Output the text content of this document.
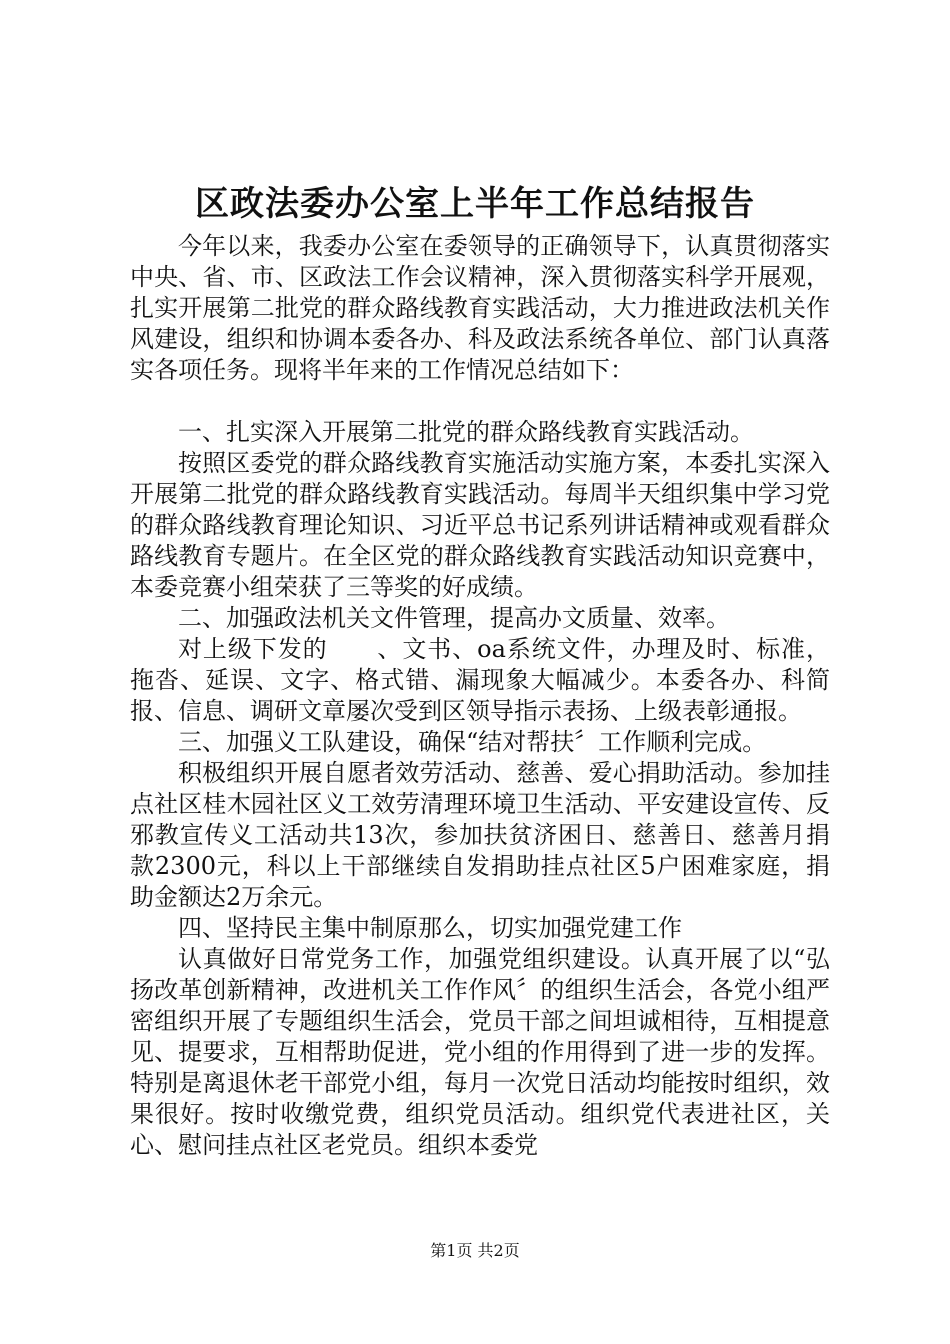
区政法委办公室上半年工作总结报告

今年以来，我委办公室在委领导的正确领导下，认真贯彻落实中央、省、市、区政法工作会议精神，深入贯彻落实科学开展观，扎实开展第二批党的群众路线教育实践活动，大力推进政法机关作风建设，组织和协调本委各办、科及政法系统各单位、部门认真落实各项任务。现将半年来的工作情况总结如下：

一、扎实深入开展第二批党的群众路线教育实践活动。

按照区委党的群众路线教育实施活动实施方案，本委扎实深入开展第二批党的群众路线教育实践活动。每周半天组织集中学习党的群众路线教育理论知识、习近平总书记系列讲话精神或观看群众路线教育专题片。在全区党的群众路线教育实践活动知识竞赛中，本委竞赛小组荣获了三等奖的好成绩。

二、加强政法机关文件管理，提高办文质量、效率。

对上级下发的　　、文书、oa系统文件，办理及时、标准，拖沓、延误、文字、格式错、漏现象大幅减少。本委各办、科简报、信息、调研文章屡次受到区领导指示表扬、上级表彰通报。

三、加强义工队建设，确保“结对帮扶〞工作顺利完成。

积极组织开展自愿者效劳活动、慈善、爱心捐助活动。参加挂点社区桂木园社区义工效劳清理环境卫生活动、平安建设宣传、反邪教宣传义工活动共13次，参加扶贫济困日、慈善日、慈善月捐款2300元，科以上干部继续自发捐助挂点社区5户困难家庭，捐助金额达2万余元。

四、坚持民主集中制原那么，切实加强党建工作

认真做好日常党务工作，加强党组织建设。认真开展了以“弘扬改革创新精神，改进机关工作作风〞的组织生活会，各党小组严密组织开展了专题组织生活会，党员干部之间坦诚相待，互相提意见、提要求，互相帮助促进，党小组的作用得到了进一步的发挥。特别是离退休老干部党小组，每月一次党日活动均能按时组织，效果很好。按时收缴党费，组织党员活动。组织党代表进社区，关心、慰问挂点社区老党员。组织本委党

第1页 共2页
